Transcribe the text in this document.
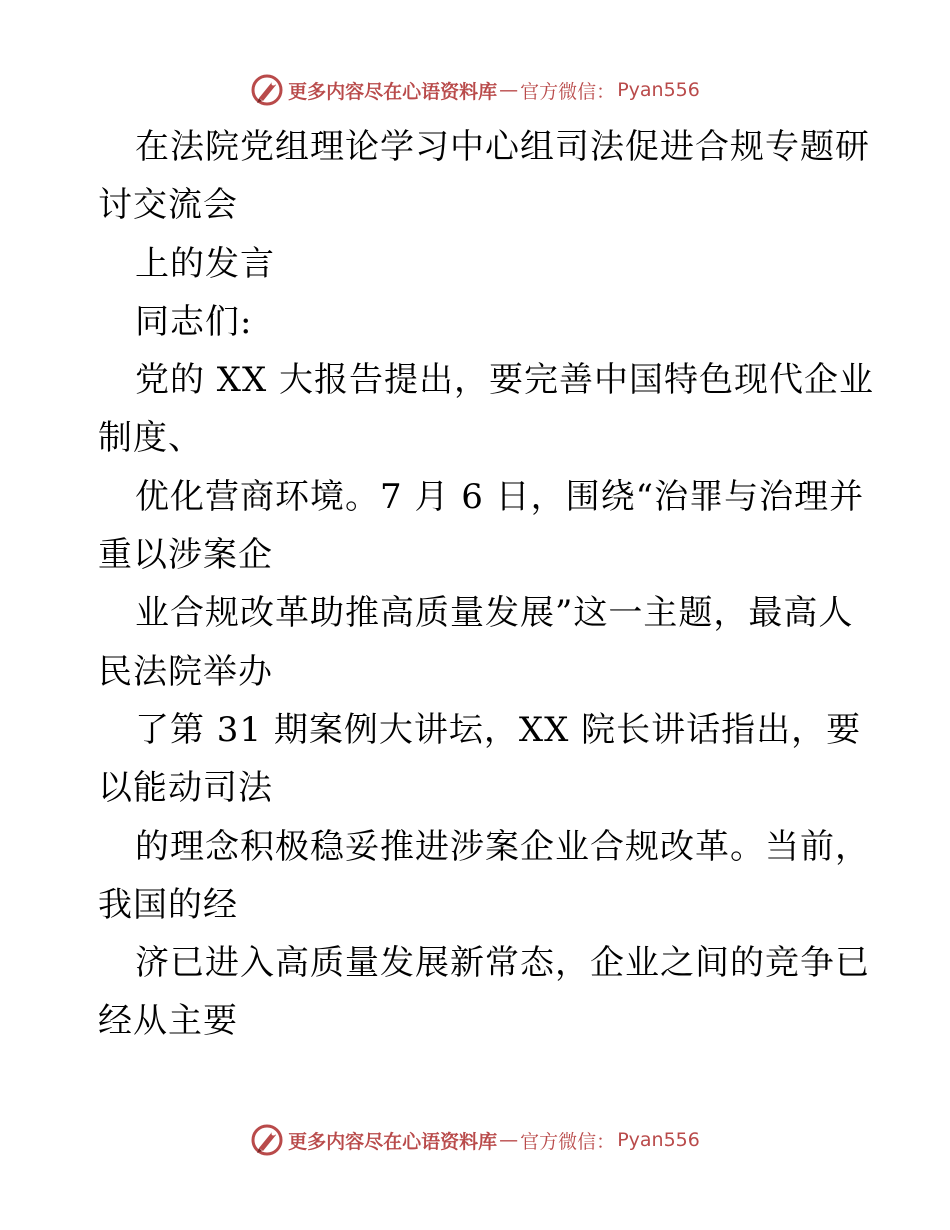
更多内容尽在心语资料库 — 官方微信： Pyan556
在法院党组理论学习中心组司法促进合规专题研
讨交流会
上的发言
同志们:
党的 XX 大报告提出，要完善中国特色现代企业
制度、
优化营商环境。7 月 6 日，围绕“治罪与治理并
重以涉案企
业合规改革助推高质量发展”这一主题，最高人
民法院举办
了第 31 期案例大讲坛，XX 院长讲话指出，要
以能动司法
的理念积极稳妥推进涉案企业合规改革。当前，
我国的经
济已进入高质量发展新常态，企业之间的竞争已
经从主要
更多内容尽在心语资料库 — 官方微信： Pyan556
